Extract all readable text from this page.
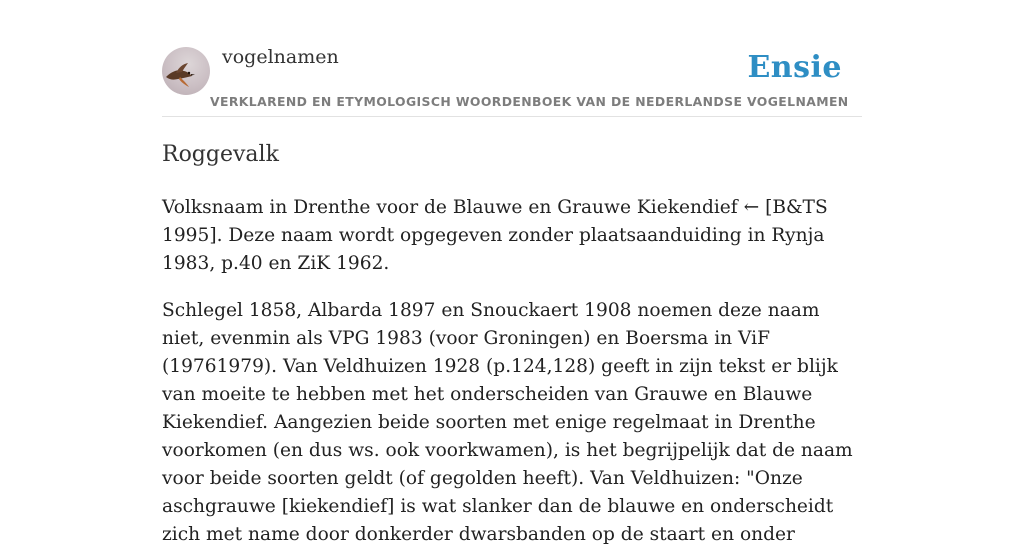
vogelnamen	Ensie
VERKLAREND EN ETYMOLOGISCH WOORDENBOEK VAN DE NEDERLANDSE VOGELNAMEN
Roggevalk

Volksnaam in Drenthe voor de Blauwe en Grauwe Kiekendief ← [B&TS 1995]. Deze naam wordt opgegeven zonder plaatsaanduiding in Rynja 1983, p.40 en ZiK 1962.

Schlegel 1858, Albarda 1897 en Snouckaert 1908 noemen deze naam niet, evenmin als VPG 1983 (voor Groningen) en Boersma in ViF (19761979). Van Veldhuizen 1928 (p.124,128) geeft in zijn tekst er blijk van moeite te hebben met het onderscheiden van Grauwe en Blauwe Kiekendief. Aangezien beide soorten met enige regelmaat in Drenthe voorkomen (en dus ws. ook voorkwamen), is het begrijpelijk dat de naam voor beide soorten geldt (of gegolden heeft). Van Veldhuizen: "Onze aschgrauwe [kiekendief] is wat slanker dan de blauwe en onderscheidt zich met name door donkerder dwarsbanden op de staart en onder
